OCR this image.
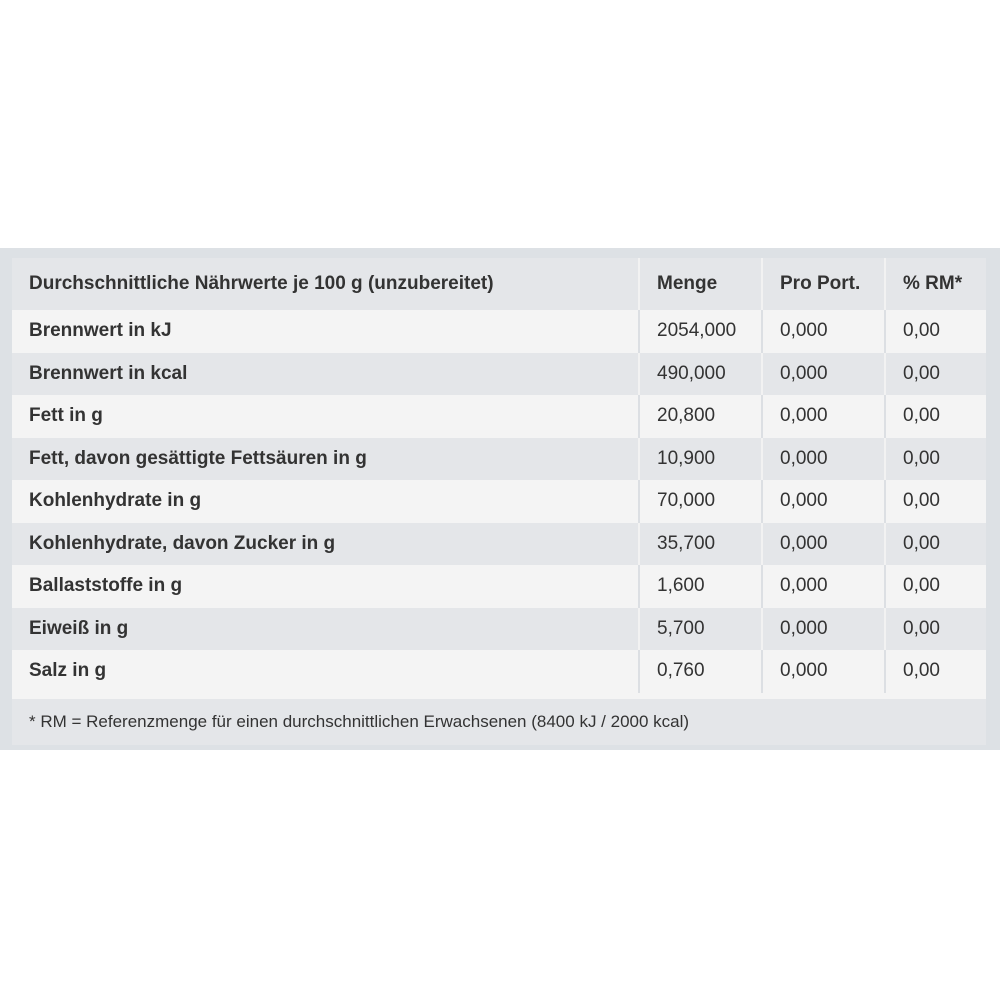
Durchschnittliche Nährwerte je 100 g (unzubereitet)	Menge	Pro Port.	% RM*
Brennwert in kJ	2054,000	0,000	0,00
Brennwert in kcal	490,000	0,000	0,00
Fett in g	20,800	0,000	0,00
Fett, davon gesättigte Fettsäuren in g	10,900	0,000	0,00
Kohlenhydrate in g	70,000	0,000	0,00
Kohlenhydrate, davon Zucker in g	35,700	0,000	0,00
Ballaststoffe in g	1,600	0,000	0,00
Eiweiß in g	5,700	0,000	0,00
Salz in g	0,760	0,000	0,00
* RM = Referenzmenge für einen durchschnittlichen Erwachsenen (8400 kJ / 2000 kcal)
